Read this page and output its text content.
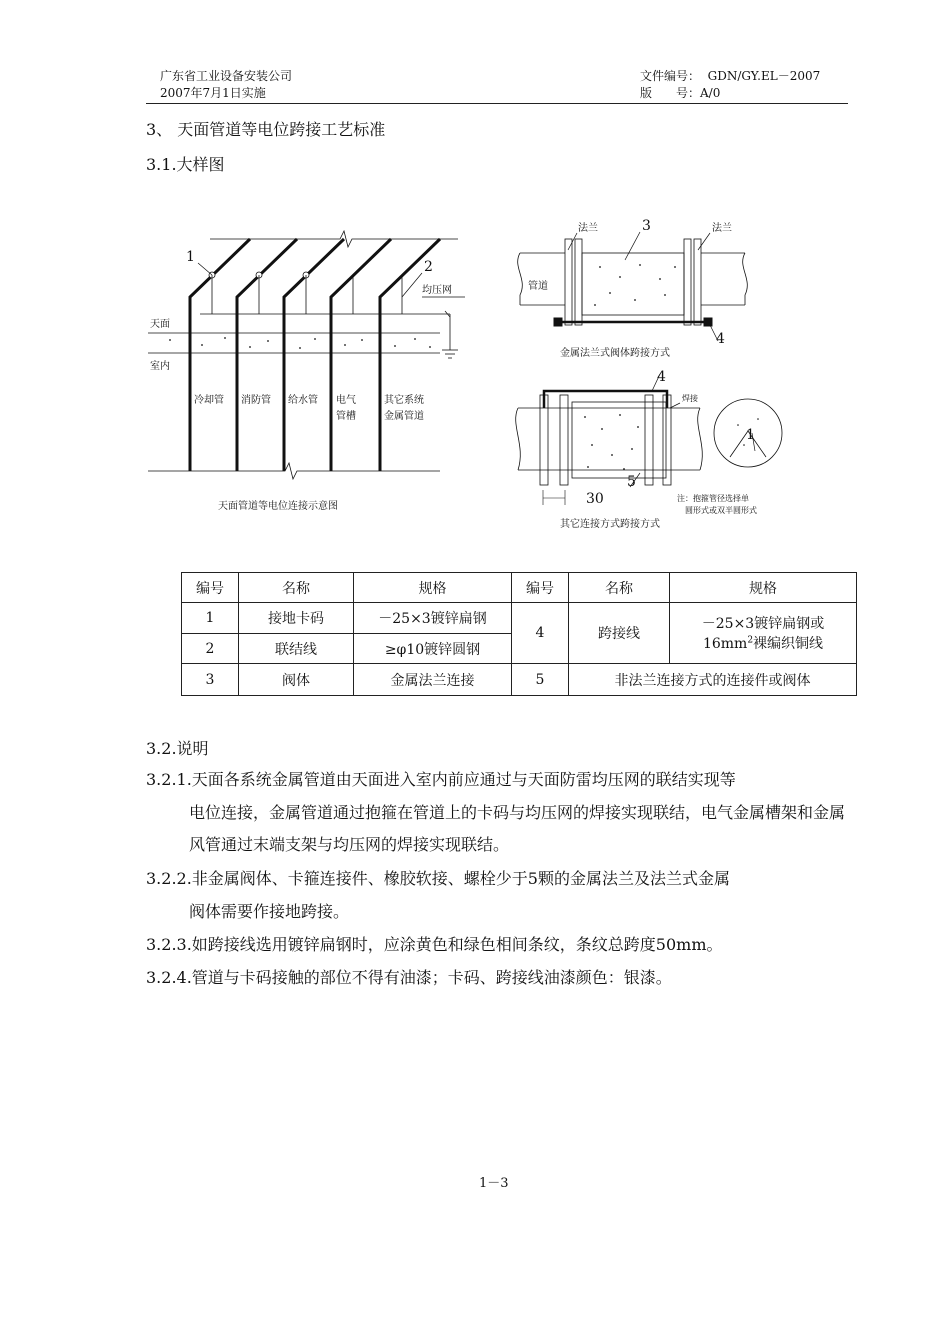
广东省工业设备安装公司
2007年7月1日实施
文件编号： GDN/GY.EL－2007
版　　号：A/0
3、 天面管道等电位跨接工艺标准
3.1.大样图
1
2
均压网
天面
室内
冷却管 消防管 给水管 电气
管槽
其它系统
金属管道
天面管道等电位连接示意图
法兰	3	法兰
管道
4
金属法兰式阀体跨接方式
4
焊接
1
5
30	注：抱箍管径选择单
圆形式或双半圆形式
其它连接方式跨接方式
编号	名称	规格	编号	名称	规格
1	接地卡码	－25×3镀锌扁钢	4	跨接线	－25×3镀锌扁钢或
$16mm^2$裸编织铜线

2	联结线	≥φ10镀锌圆钢			
3	阀体	金属法兰连接	5	非法兰连接方式的连接件或阀体	
3.2.说明
3.2.1.天面各系统金属管道由天面进入室内前应通过与天面防雷均压网的联结实现等
电位连接，金属管道通过抱箍在管道上的卡码与均压网的焊接实现联结，电气金属槽架和金属风管通过末端支架与均压网的焊接实现联结。
3.2.2.非金属阀体、卡箍连接件、橡胶软接、螺栓少于5颗的金属法兰及法兰式金属
阀体需要作接地跨接。
3.2.3.如跨接线选用镀锌扁钢时，应涂黄色和绿色相间条纹，条纹总跨度50mm。
3.2.4.管道与卡码接触的部位不得有油漆；卡码、跨接线油漆颜色：银漆。
1－3
